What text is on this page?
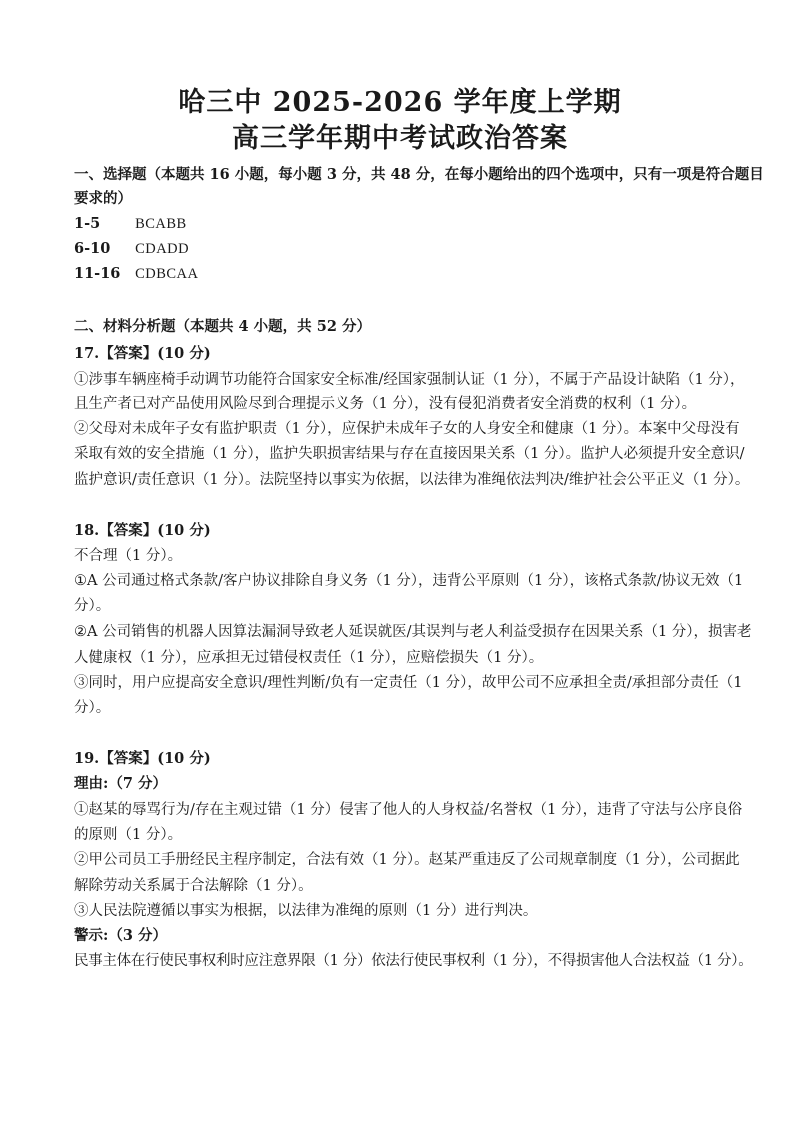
哈三中 2025-2026 学年度上学期
高三学年期中考试政治答案
一、选择题（本题共 16 小题，每小题 3 分，共 48 分，在每小题给出的四个选项中，只有一项是符合题目
要求的）
1-5 BCABB
6-10 CDADD
11-16 CDBCAA
二、材料分析题（本题共 4 小题，共 52 分）
17.【答案】(10 分)
①涉事车辆座椅手动调节功能符合国家安全标准/经国家强制认证（1 分），不属于产品设计缺陷（1 分），
且生产者已对产品使用风险尽到合理提示义务（1 分），没有侵犯消费者安全消费的权利（1 分）。
②父母对未成年子女有监护职责（1 分），应保护未成年子女的人身安全和健康（1 分）。本案中父母没有
采取有效的安全措施（1 分），监护失职损害结果与存在直接因果关系（1 分）。监护人必须提升安全意识/
监护意识/责任意识（1 分）。法院坚持以事实为依据，以法律为准绳依法判决/维护社会公平正义（1 分）。
18.【答案】(10 分)
不合理（1 分）。
①A 公司通过格式条款/客户协议排除自身义务（1 分），违背公平原则（1 分），该格式条款/协议无效（1
分）。
②A 公司销售的机器人因算法漏洞导致老人延误就医/其误判与老人利益受损存在因果关系（1 分），损害老
人健康权（1 分），应承担无过错侵权责任（1 分），应赔偿损失（1 分）。
③同时，用户应提高安全意识/理性判断/负有一定责任（1 分），故甲公司不应承担全责/承担部分责任（1
分）。
19.【答案】(10 分)
理由:（7 分）
①赵某的辱骂行为/存在主观过错（1 分）侵害了他人的人身权益/名誉权（1 分），违背了守法与公序良俗
的原则（1 分）。
②甲公司员工手册经民主程序制定，合法有效（1 分）。赵某严重违反了公司规章制度（1 分），公司据此
解除劳动关系属于合法解除（1 分）。
③人民法院遵循以事实为根据，以法律为准绳的原则（1 分）进行判决。
警示:（3 分）
民事主体在行使民事权利时应注意界限（1 分）依法行使民事权利（1 分），不得损害他人合法权益（1 分）。
